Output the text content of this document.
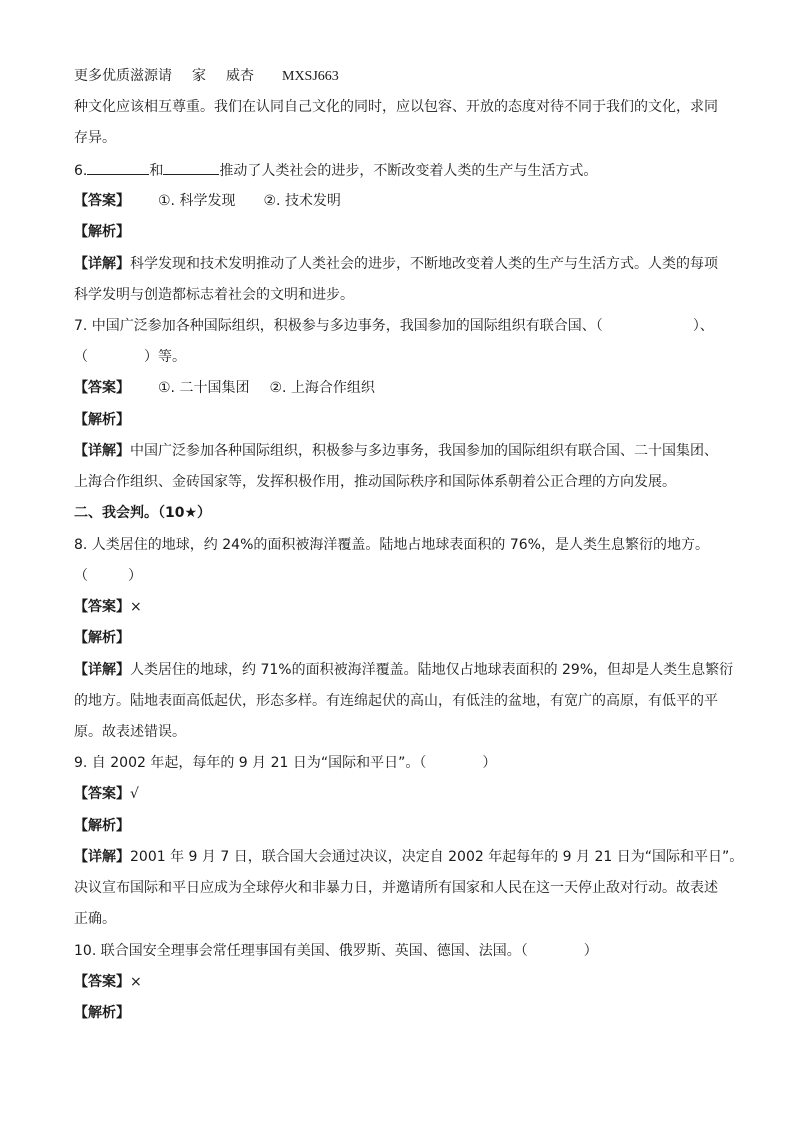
更多优质滋源请 家 威杏 MXSJ663
种文化应该相互尊重。我们在认同自己文化的同时，应以包容、开放的态度对待不同于我们的文化，求同
存异。
6.	和	推动了人类社会的进步，不断改变着人类的生产与生活方式。
【答案】 ①. 科学发现 ②. 技术发明
【解析】
【详解】科学发现和技术发明推动了人类社会的进步，不断地改变着人类的生产与生活方式。人类的每项
科学发明与创造都标志着社会的文明和进步。
7. 中国广泛参加各种国际组织，积极参与多边事务，我国参加的国际组织有联合国、（	）、
（	）等。
【答案】 ①. 二十国集团 ②. 上海合作组织
【解析】
【详解】中国广泛参加各种国际组织，积极参与多边事务，我国参加的国际组织有联合国、二十国集团、
上海合作组织、金砖国家等，发挥积极作用，推动国际秩序和国际体系朝着公正合理的方向发展。
二、我会判。（10★）
8. 人类居住的地球，约 24%的面积被海洋覆盖。陆地占地球表面积的 76%，是人类生息繁衍的地方。
（	）
【答案】×
【解析】
【详解】人类居住的地球，约 71%的面积被海洋覆盖。陆地仅占地球表面积的 29%，但却是人类生息繁衍
的地方。陆地表面高低起伏，形态多样。有连绵起伏的高山，有低洼的盆地，有宽广的高原，有低平的平
原。故表述错误。
9. 自 2002 年起，每年的 9 月 21 日为“国际和平日”。（	）
【答案】√
【解析】
【详解】2001 年 9 月 7 日，联合国大会通过决议，决定自 2002 年起每年的 9 月 21 日为“国际和平日”。
决议宣布国际和平日应成为全球停火和非暴力日，并邀请所有国家和人民在这一天停止敌对行动。故表述
正确。
10. 联合国安全理事会常任理事国有美国、俄罗斯、英国、德国、法国。（	）
【答案】×
【解析】
